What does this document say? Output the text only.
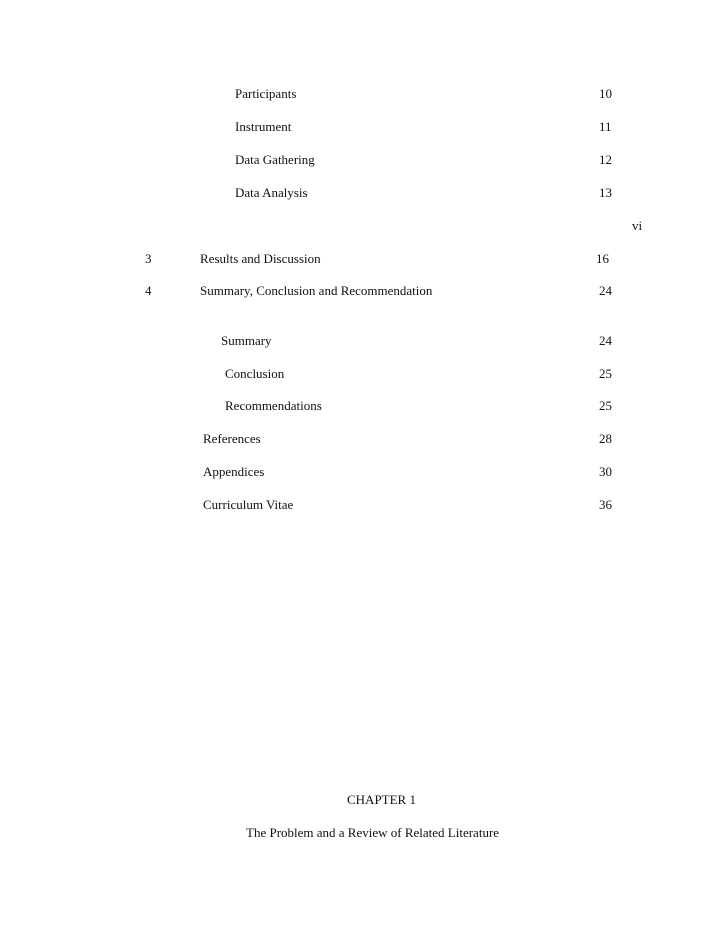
Participants	10
Instrument	11
Data Gathering	12
Data Analysis	13
vi
3	Results and Discussion	16
4	Summary, Conclusion and Recommendation	24
Summary	24
Conclusion	25
Recommendations	25
References	28
Appendices	30
Curriculum Vitae	36
CHAPTER 1
The Problem and a Review of Related Literature
